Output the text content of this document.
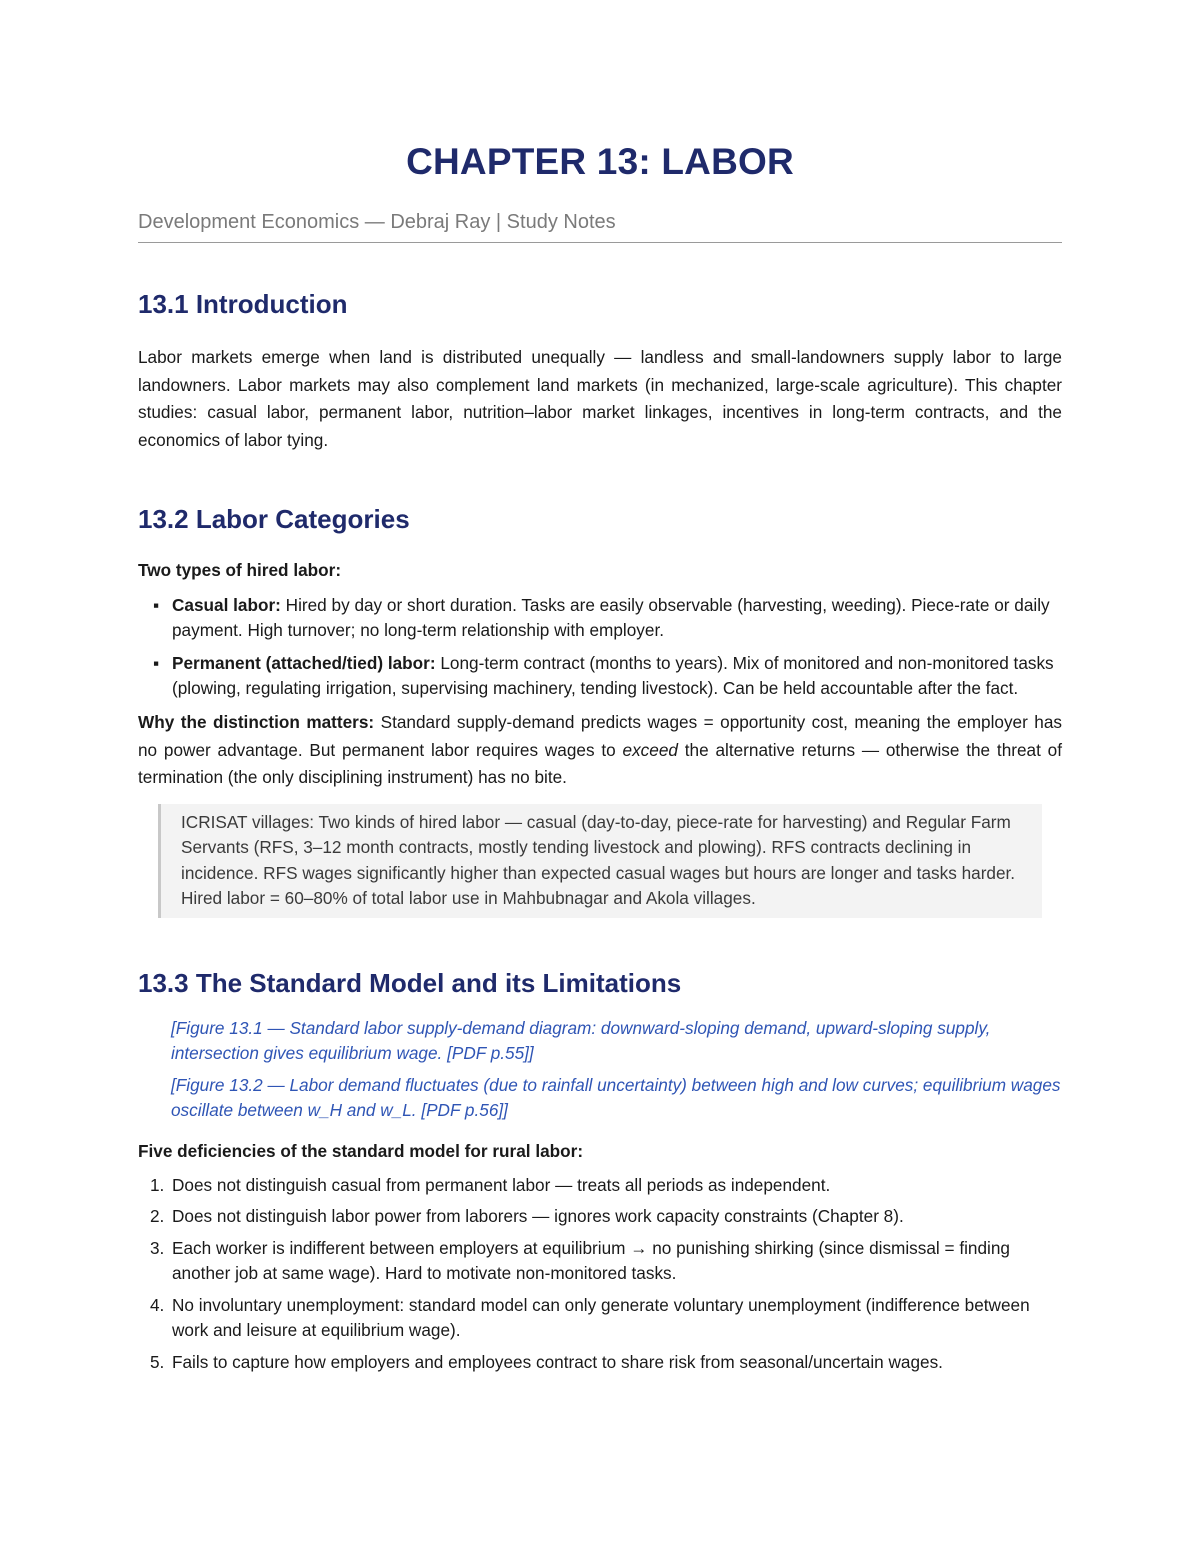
CHAPTER 13: LABOR
Development Economics — Debraj Ray | Study Notes
13.1 Introduction

Labor markets emerge when land is distributed unequally — landless and small-landowners supply labor to large landowners. Labor markets may also complement land markets (in mechanized, large-scale agriculture). This chapter studies: casual labor, permanent labor, nutrition–labor market linkages, incentives in long-term contracts, and the economics of labor tying.

13.2 Labor Categories

Two types of hired labor:

▪ Casual labor: Hired by day or short duration. Tasks are easily observable (harvesting, weeding). Piece-rate or daily payment. High turnover; no long-term relationship with employer.
▪ Permanent (attached/tied) labor: Long-term contract (months to years). Mix of monitored and non-monitored tasks (plowing, regulating irrigation, supervising machinery, tending livestock). Can be held accountable after the fact.

Why the distinction matters: Standard supply-demand predicts wages = opportunity cost, meaning the employer has no power advantage. But permanent labor requires wages to exceed the alternative returns — otherwise the threat of termination (the only disciplining instrument) has no bite.

ICRISAT villages: Two kinds of hired labor — casual (day-to-day, piece-rate for harvesting) and Regular Farm Servants (RFS, 3–12 month contracts, mostly tending livestock and plowing). RFS contracts declining in incidence. RFS wages significantly higher than expected casual wages but hours are longer and tasks harder. Hired labor = 60–80% of total labor use in Mahbubnagar and Akola villages.
13.3 The Standard Model and its Limitations

[Figure 13.1 — Standard labor supply-demand diagram: downward-sloping demand, upward-sloping supply, intersection gives equilibrium wage. [PDF p.55]]

[Figure 13.2 — Labor demand fluctuates (due to rainfall uncertainty) between high and low curves; equilibrium wages oscillate between w_H and w_L. [PDF p.56]]

Five deficiencies of the standard model for rural labor:

1. Does not distinguish casual from permanent labor — treats all periods as independent.
2. Does not distinguish labor power from laborers — ignores work capacity constraints (Chapter 8).
3. Each worker is indifferent between employers at equilibrium → no punishing shirking (since dismissal = finding another job at same wage). Hard to motivate non-monitored tasks.
4. No involuntary unemployment: standard model can only generate voluntary unemployment (indifference between work and leisure at equilibrium wage).
5. Fails to capture how employers and employees contract to share risk from seasonal/uncertain wages.
